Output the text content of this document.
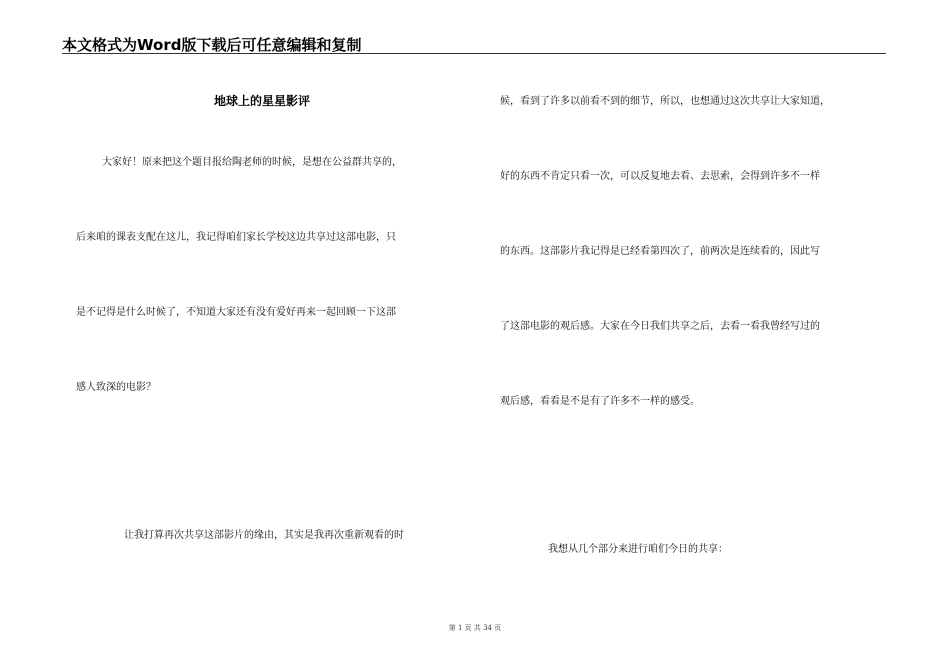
本文格式为Word版下载后可任意编辑和复制
地球上的星星影评
大家好！原来把这个题目报给陶老师的时候，是想在公益群共享的，
后来咱的课表支配在这儿，我记得咱们家长学校这边共享过这部电影，只
是不记得是什么时候了，不知道大家还有没有爱好再来一起回顾一下这部
感人致深的电影？
让我打算再次共享这部影片的缘由，其实是我再次重新观看的时
候，看到了许多以前看不到的细节，所以，也想通过这次共享让大家知道，
好的东西不肯定只看一次，可以反复地去看、去思索，会得到许多不一样
的东西。这部影片我记得是已经看第四次了，前两次是连续看的，因此写
了这部电影的观后感。大家在今日我们共享之后，去看一看我曾经写过的
观后感，看看是不是有了许多不一样的感受。
我想从几个部分来进行咱们今日的共享：
第 1 页 共 34 页
